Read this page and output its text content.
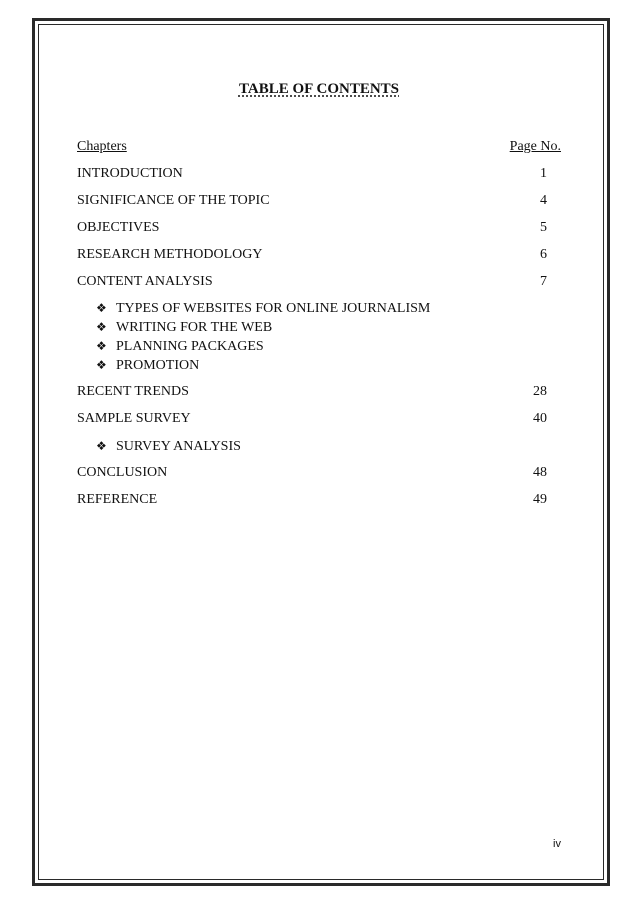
TABLE OF CONTENTS
Chapters	Page No.
INTRODUCTION	1
SIGNIFICANCE OF THE TOPIC	4
OBJECTIVES	5
RESEARCH METHODOLOGY	6
CONTENT ANALYSIS	7
❖ TYPES OF WEBSITES FOR ONLINE JOURNALISM
❖ WRITING FOR THE WEB
❖ PLANNING PACKAGES
❖ PROMOTION
RECENT TRENDS	28
SAMPLE SURVEY	40
❖ SURVEY ANALYSIS
CONCLUSION	48
REFERENCE	49
iv
